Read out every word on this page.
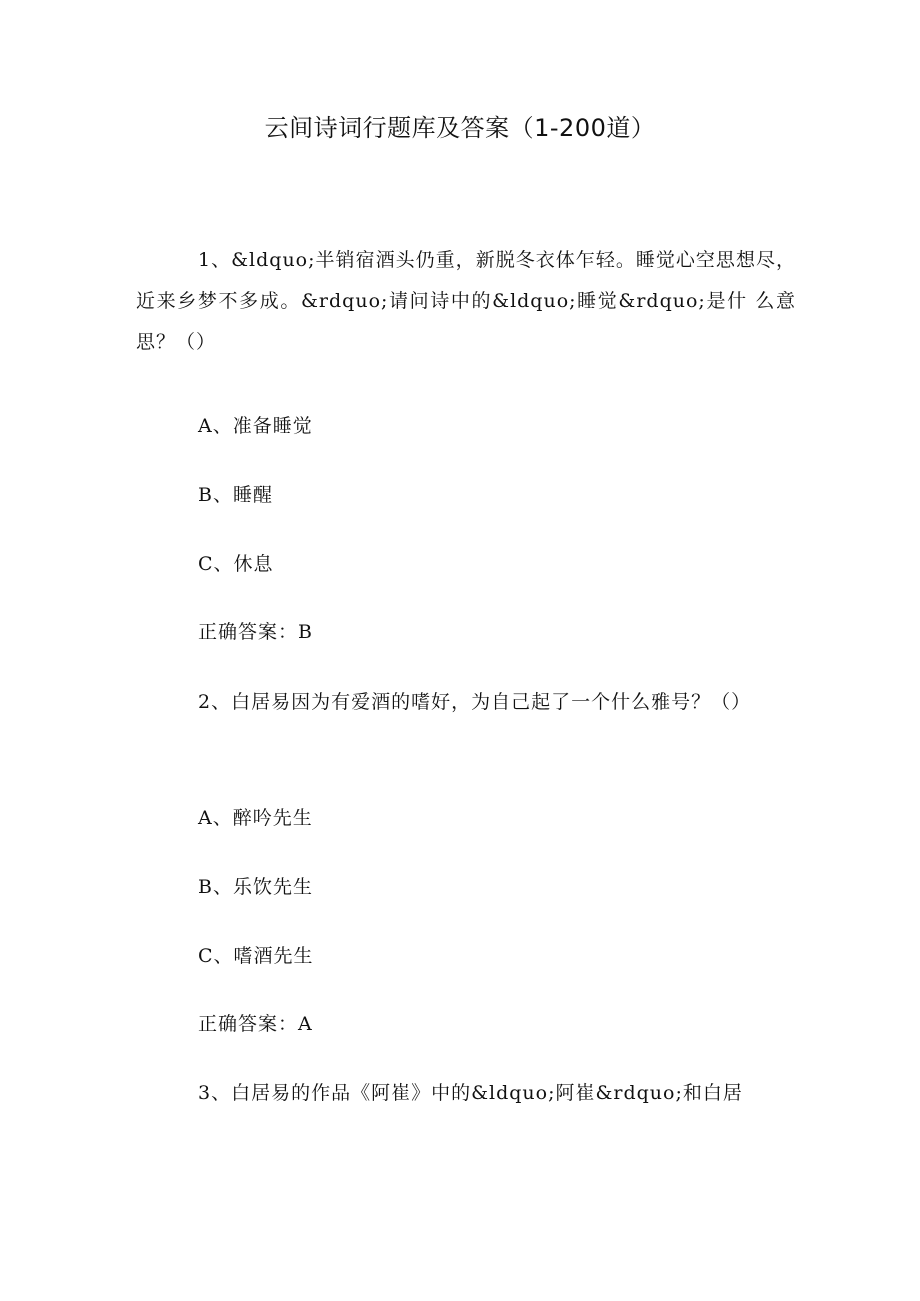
云间诗词行题库及答案（1-200道）

1、&ldquo;半销宿酒头仍重，新脱冬衣体乍轻。睡觉心空思想尽，近来乡梦不多成。&rdquo;请问诗中的&ldquo;睡觉&rdquo;是什 么意思？（）

A、准备睡觉

B、睡醒

C、休息

正确答案：B

2、白居易因为有爱酒的嗜好，为自己起了一个什么雅号？（）

A、醉吟先生

B、乐饮先生

C、嗜酒先生

正确答案：A

3、白居易的作品《阿崔》中的&ldquo;阿崔&rdquo;和白居
